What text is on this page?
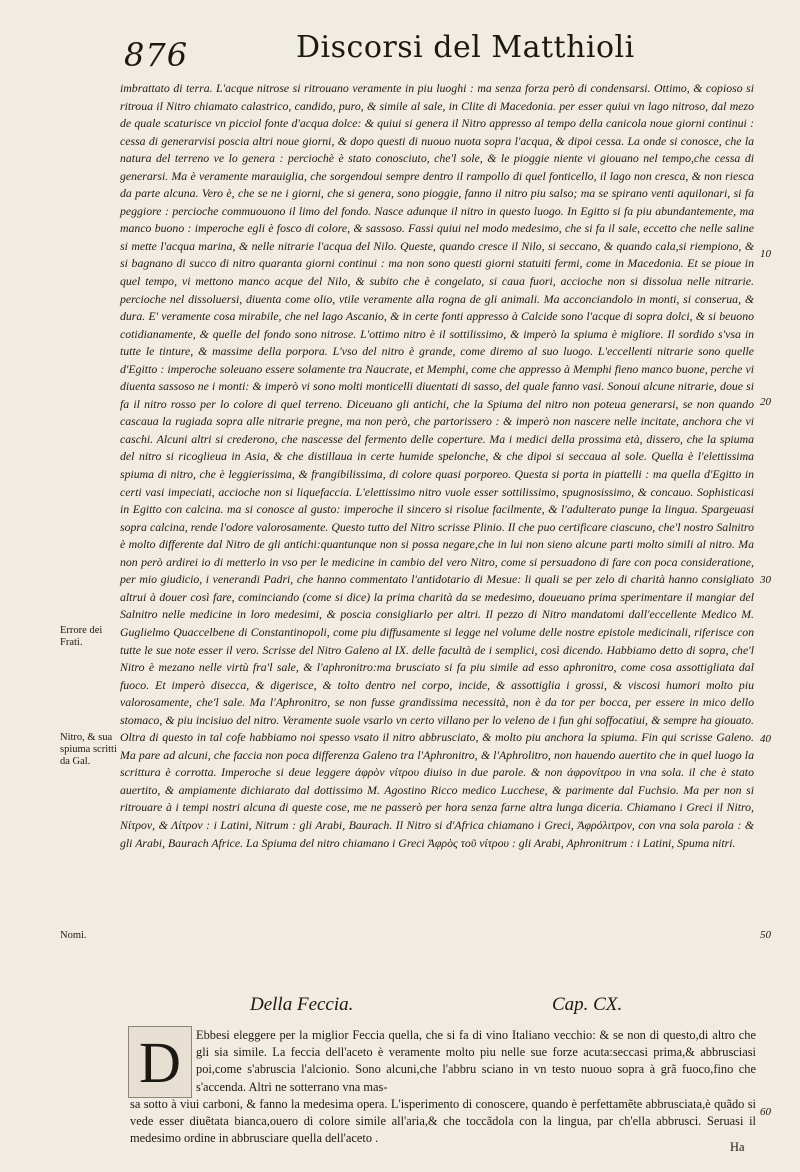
876	Discorsi del Matthioli

imbrattato di terra. L'acque nitrose si ritrouano veramente in piu luoghi : ma senza forza però di condensarsi. Ottimo, & copioso si ritroua il Nitro chiamato calastrico, candido, puro, & simile al sale, in Clite di Macedonia. per esser quiui vn lago nitroso, dal mezo de quale scaturisce vn picciol fonte d'acqua dolce: & quiui si genera il Nitro appresso al tempo della canicola noue giorni continui : cessa di generarvisi poscia altri noue giorni, & dopo questi di nuouo nuota sopra l'acqua, & dipoi cessa. La onde si conosce, che la natura del terreno ve lo genera : perciochè è stato conosciuto, che'l sole, & le pioggie niente vi giouano nel tempo,che cessa di generarsi. Ma è veramente marauiglia, che sorgendoui sempre dentro il rampollo di quel fonticello, il lago non cresca, & non riesca da parte alcuna. Vero è, che se ne i giorni, che si genera, sono pioggie, fanno il nitro piu salso; ma se spirano venti aquilonari, si fa peggiore : percioche commuouono il limo del fondo. Nasce adunque il nitro in questo luogo. In Egitto si fa piu abundantemente, ma manco buono : imperoche egli è fosco di colore, & sassoso. Fassi quiui nel modo medesimo, che si fa il sale, eccetto che nelle saline si mette l'acqua marina, & nelle nitrarie l'acqua del Nilo. Queste, quando cresce il Nilo, si seccano, & quando cala,si riempiono, & si bagnano di succo di nitro quaranta giorni continui : ma non sono questi giorni statuiti fermi, come in Macedonia. Et se pioue in quel tempo, vi mettono manco acque del Nilo, & subito che è congelato, si caua fuori, accioche non si dissolua nelle nitrarie. percioche nel dissoluersi, diuenta come olio, vtile veramente alla rogna de gli animali. Ma acconciandolo in monti, si conserua, & dura. E' veramente cosa mirabile, che nel lago Ascanio, & in certe fonti appresso à Calcide sono l'acque di sopra dolci, & si beuono cotidianamente, & quelle del fondo sono nitrose. L'ottimo nitro è il sottilissimo, & imperò la spiuma è migliore. Il sordido s'vsa in tutte le tinture, & massime della porpora. L'vso del nitro è grande, come diremo al suo luogo. L'eccellenti nitrarie sono quelle d'Egitto : imperoche soleuano essere solamente tra Naucrate, et Memphi, come che appresso à Memphi fieno manco buone, perche vi diuenta sassoso ne i monti: & imperò vi sono molti monticelli diuentati di sasso, del quale fanno vasi. Sonoui alcune nitrarie, doue si fa il nitro rosso per lo colore di quel terreno. Diceuano gli antichi, che la Spiuma del nitro non poteua generarsi, se non quando cascaua la rugiada sopra alle nitrarie pregne, ma non però, che partorissero : & imperò non nascere nelle incitate, anchora che vi caschi. Alcuni altri si crederono, che nascesse del fermento delle coperture. Ma i medici della prossima età, dissero, che la spiuma del nitro si ricoglieua in Asia, & che distillaua in certe humide spelonche, & che dipoi si seccaua al sole. Quella è l'elettissima spiuma di nitro, che è leggierissima, & frangibilissima, di colore quasi porporeo. Questa si porta in piattelli : ma quella d'Egitto in certi vasi impeciati, accioche non si liquefaccia. L'elettissimo nitro vuole esser sottilissimo, spugnosissimo, & concauo. Sophisticasi in Egitto con calcina. ma si conosce al gusto: imperoche il sincero si risolue facilmente, & l'adulterato punge la lingua. Spargeuasi sopra calcina, rende l'odore valorosamente. Questo tutto del Nitro scrisse Plinio. Il che puo certificare ciascuno, che'l nostro Salnitro è molto differente dal Nitro de gli antichi:quantunque non si possa negare,che in lui non sieno alcune parti molto simili al nitro. Ma non però ardirei io di metterlo in vso per le medicine in cambio del vero Nitro, come si persuadono di fare con poca consideratione, per mio giudicio, i venerandi Padri, che hanno commentato l'antidotario di Mesue: li quali se per zelo di charità hanno consigliato altrui à douer così fare, cominciando (come si dice) la prima charità da se medesimo, doueuano prima sperimentare il mangiar del Salnitro nelle medicine in loro medesimi, & poscia consigliarlo per altri. Il pezzo di Nitro mandatomi dall'eccellente Medico M. Guglielmo Quaccelbene di Constantinopoli, come piu diffusamente si legge nel volume delle nostre epistole medicinali, riferisce con tutte le sue note esser il vero. Scrisse del Nitro Galeno al IX. delle facultà de i semplici, così dicendo. Habbiamo detto di sopra, che'l Nitro è mezano nelle virtù fra'l sale, & l'aphronitro:ma brusciato si fa piu simile ad esso aphronitro, come cosa assottigliata dal fuoco. Et imperò disecca, & digerisce, & tolto dentro nel corpo, incide, & assottiglia i grossi, & viscosi humori molto piu valorosamente, che'l sale. Ma l'Aphronitro, se non fusse grandissima necessità, non è da tor per bocca, per essere in mico dello stomaco, & piu incisiuo del nitro. Veramente suole vsarlo vn certo villano per lo veleno de i fun ghi soffocatiui, & sempre ha giouato. Oltra di questo in tal cofe habbiamo noi spesso vsato il nitro abbrusciato, & molto piu anchora la spiuma. Fin qui scrisse Galeno. Ma pare ad alcuni, che faccia non poca differenza Galeno tra l'Aphronitro, & l'Aphrolitro, non hauendo auertito che in quel luogo la scrittura è corrotta. Imperoche si deue leggere ἀφρὸν νίτρου diuiso in due parole. & non ἀφρονίτρου in vna sola. il che è stato auertito, & ampiamente dichiarato dal dottissimo M. Agostino Ricco medico Lucchese, & parimente dal Fuchsio. Ma per non si ritrouare à i tempi nostri alcuna di queste cose, me ne passerò per hora senza farne altra lunga diceria. Chiamano i Greci il Nitro, Νίτρον, & Λίτρον : i Latini, Nitrum : gli Arabi, Baurach. Il Nitro si d'Africa chiamano i Greci, Ἀφρόλιτρον, con vna sola parola : & gli Arabi, Baurach Africe. La Spiuma del nitro chiamano i Greci Ἀφρὸς τοῦ νίτρου : gli Arabi, Aphronitrum : i Latini, Spuma nitri.

Errore dei Frati.
Nitro, & sua spiuma scritti da Gal.
Nomi.
10
20
30
40
50
60
Della Feccia.	Cap. CX.
D	Ebbesi eleggere per la miglior Feccia quella, che si fa di vino Italiano vecchio: & se non di questo,di altro che gli sia simile. La feccia dell'aceto è veramente molto piu nelle sue forze acuta:seccasi prima,& abbrusciasi poi,come s'abrusciа l'alcionio. Sono alcuni,che l'abbru sciano in vn testo nuouo sopra à grã fuoco,fino che s'accenda. Altri ne sotterrano vna mas-

sa sotto à viui carboni, & fanno la medesima opera. L'isperimento di conoscere, quando è perfettamẽte abbrusciata,è quãdo si vede esser diuẽtata bianca,ouero di colore simile all'aria,& che toccãdola con la lingua, par ch'ella abbrusci. Seruasi il medesimo ordine in abbrusciare quella dell'aceto .

Ha
